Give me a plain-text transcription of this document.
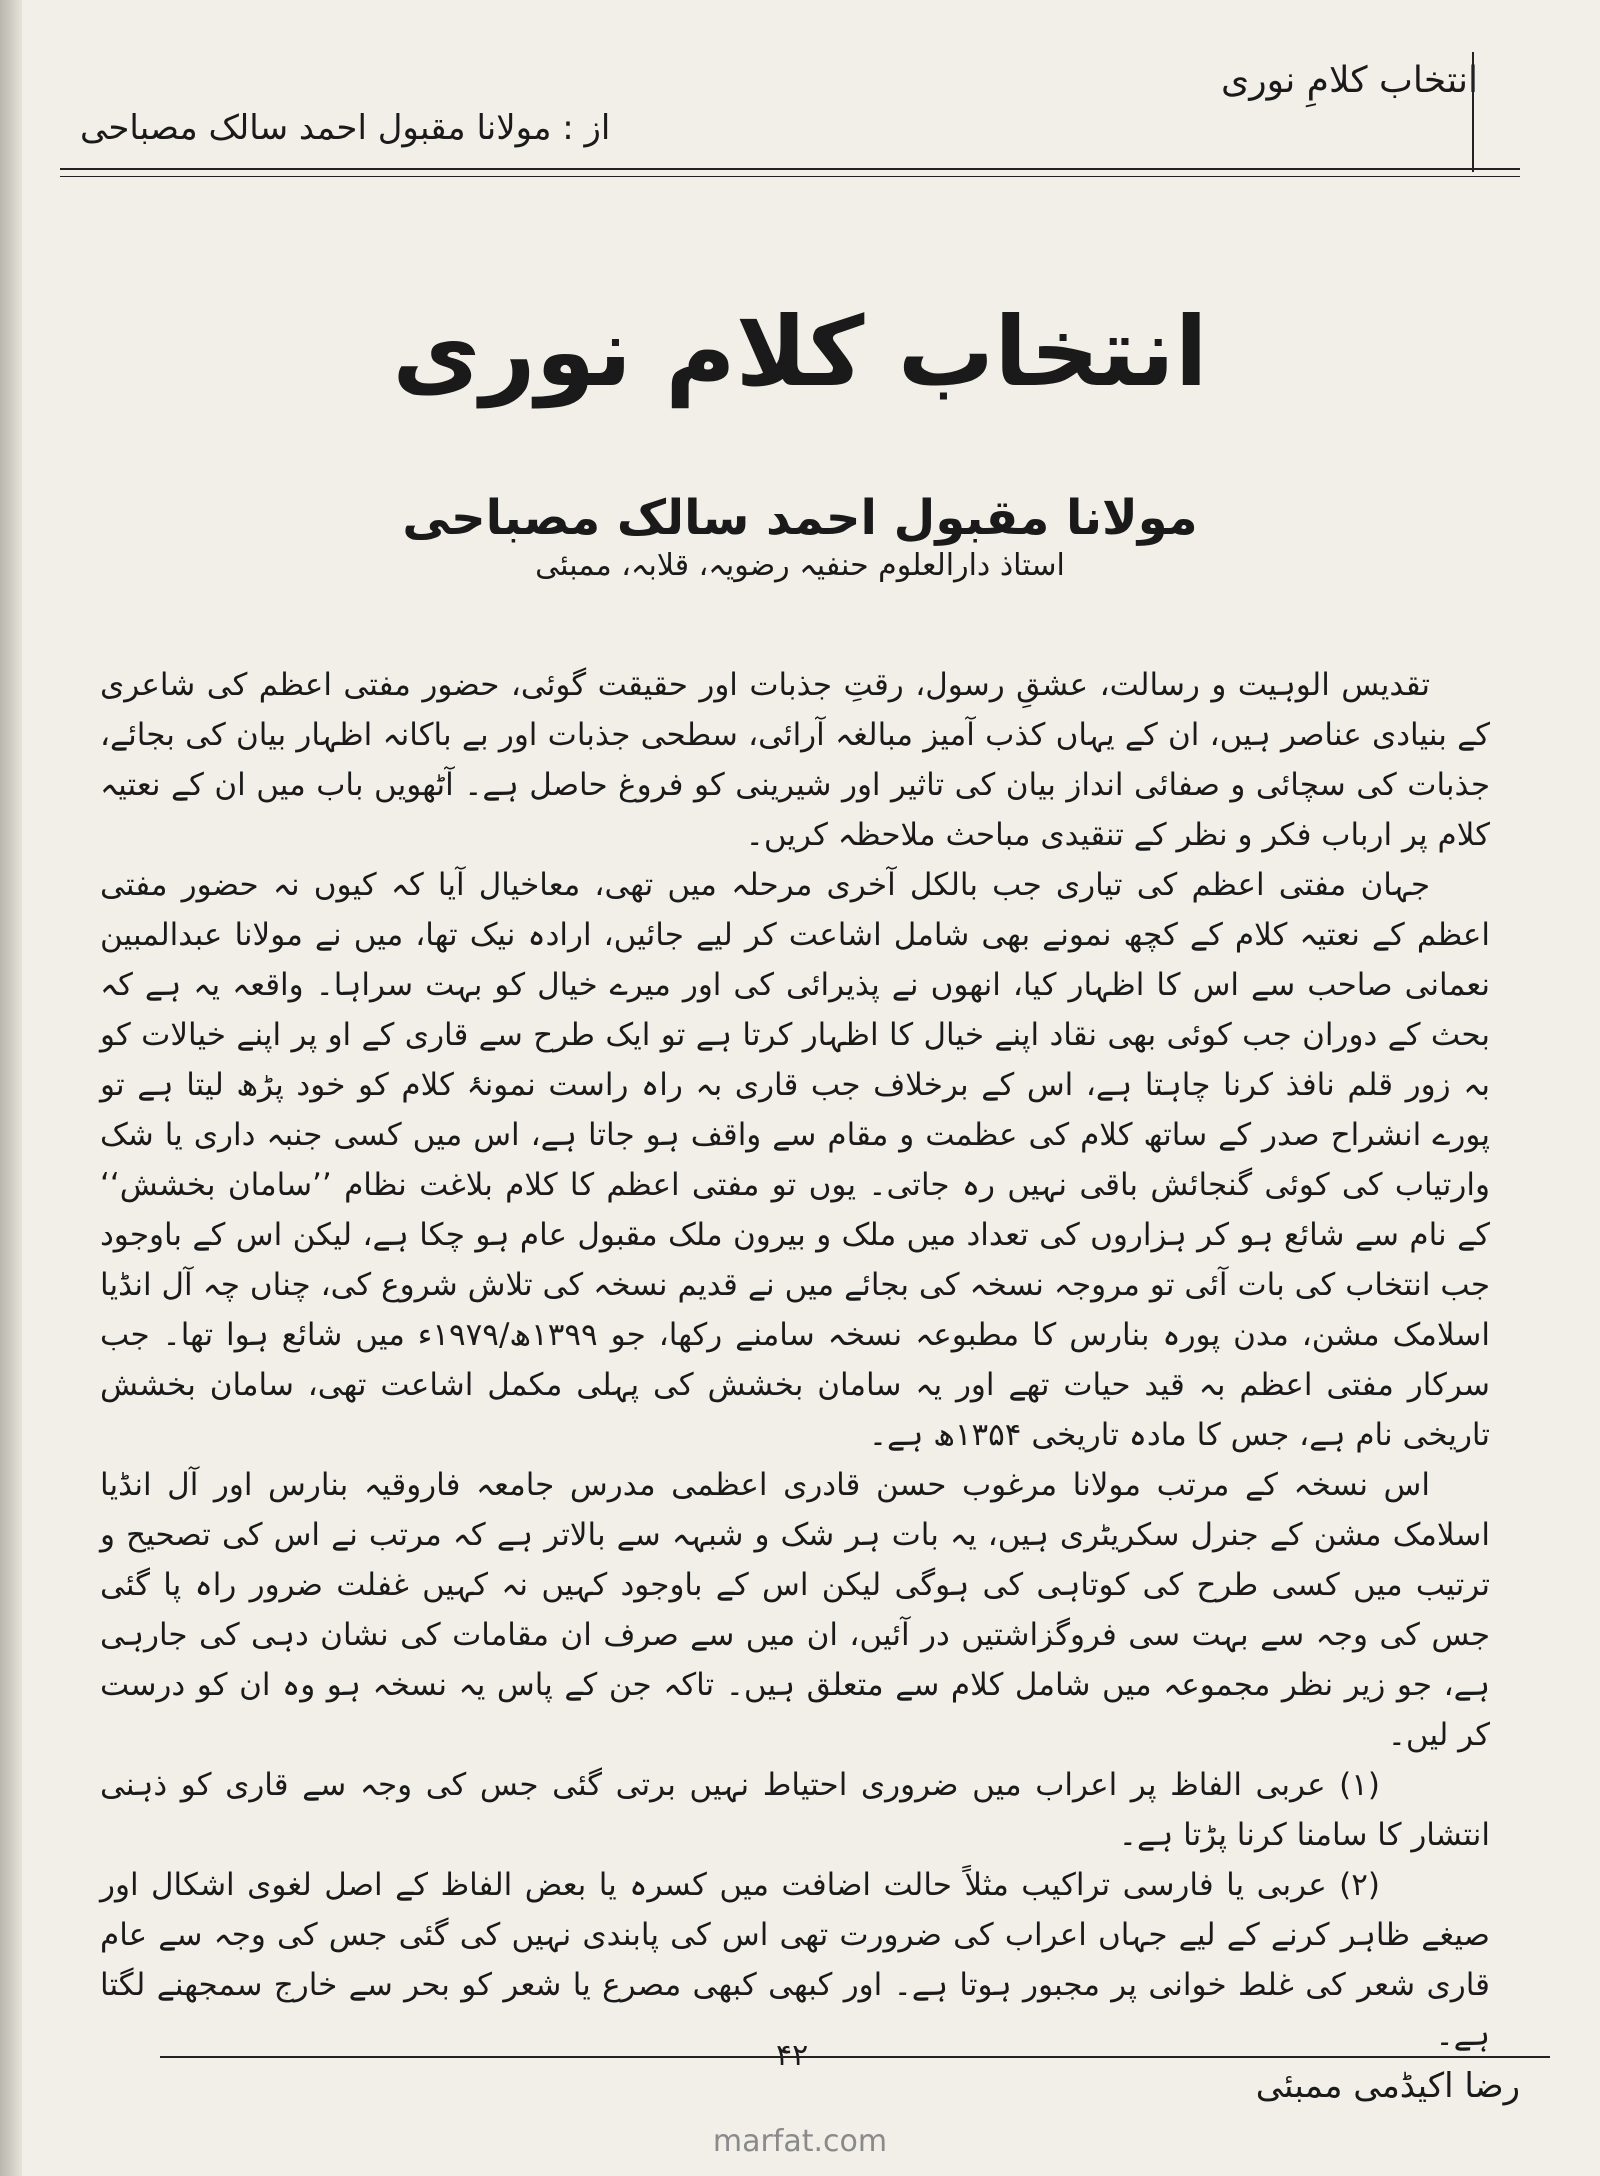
انتخاب کلامِ نوری
از : مولانا مقبول احمد سالک مصباحی
انتخاب کلام نوری
مولانا مقبول احمد سالک مصباحی
استاذ دارالعلوم حنفیہ رضویہ، قلابہ، ممبئی

تقدیس الوہیت و رسالت، عشقِ رسول، رقتِ جذبات اور حقیقت گوئی، حضور مفتی اعظم کی شاعری کے بنیادی عناصر ہیں، ان کے یہاں کذب آمیز مبالغہ آرائی، سطحی جذبات اور بے باکانہ اظہار بیان کی بجائے، جذبات کی سچائی و صفائی انداز بیان کی تاثیر اور شیرینی کو فروغ حاصل ہے۔ آٹھویں باب میں ان کے نعتیہ کلام پر ارباب فکر و نظر کے تنقیدی مباحث ملاحظہ کریں۔

جہان مفتی اعظم کی تیاری جب بالکل آخری مرحلہ میں تھی، معاخیال آیا کہ کیوں نہ حضور مفتی اعظم کے نعتیہ کلام کے کچھ نمونے بھی شامل اشاعت کر لیے جائیں، ارادہ نیک تھا، میں نے مولانا عبدالمبین نعمانی صاحب سے اس کا اظہار کیا، انھوں نے پذیرائی کی اور میرے خیال کو بہت سراہا۔ واقعہ یہ ہے کہ بحث کے دوران جب کوئی بھی نقاد اپنے خیال کا اظہار کرتا ہے تو ایک طرح سے قاری کے او پر اپنے خیالات کو بہ زور قلم نافذ کرنا چاہتا ہے، اس کے برخلاف جب قاری بہ راہ راست نمونۂ کلام کو خود پڑھ لیتا ہے تو پورے انشراح صدر کے ساتھ کلام کی عظمت و مقام سے واقف ہو جاتا ہے، اس میں کسی جنبہ داری یا شک وارتیاب کی کوئی گنجائش باقی نہیں رہ جاتی۔ یوں تو مفتی اعظم کا کلام بلاغت نظام ’’سامان بخشش‘‘ کے نام سے شائع ہو کر ہزاروں کی تعداد میں ملک و بیرون ملک مقبول عام ہو چکا ہے، لیکن اس کے باوجود جب انتخاب کی بات آئی تو مروجہ نسخہ کی بجائے میں نے قدیم نسخہ کی تلاش شروع کی، چناں چہ آل انڈیا اسلامک مشن، مدن پورہ بنارس کا مطبوعہ نسخہ سامنے رکھا، جو ۱۳۹۹ھ/۱۹۷۹ء میں شائع ہوا تھا۔ جب سرکار مفتی اعظم بہ قید حیات تھے اور یہ سامان بخشش کی پہلی مکمل اشاعت تھی، سامان بخشش تاریخی نام ہے، جس کا مادہ تاریخی ۱۳۵۴ھ ہے۔

اس نسخہ کے مرتب مولانا مرغوب حسن قادری اعظمی مدرس جامعہ فاروقیہ بنارس اور آل انڈیا اسلامک مشن کے جنرل سکریٹری ہیں، یہ بات ہر شک و شبہہ سے بالاتر ہے کہ مرتب نے اس کی تصحیح و ترتیب میں کسی طرح کی کوتاہی کی ہوگی لیکن اس کے باوجود کہیں نہ کہیں غفلت ضرور راہ پا گئی جس کی وجہ سے بہت سی فروگزاشتیں در آئیں، ان میں سے صرف ان مقامات کی نشان دہی کی جارہی ہے، جو زیر نظر مجموعہ میں شامل کلام سے متعلق ہیں۔ تاکہ جن کے پاس یہ نسخہ ہو وہ ان کو درست کر لیں۔

(۱) عربی الفاظ پر اعراب میں ضروری احتیاط نہیں برتی گئی جس کی وجہ سے قاری کو ذہنی انتشار کا سامنا کرنا پڑتا ہے۔

(۲) عربی یا فارسی تراکیب مثلاً حالت اضافت میں کسرہ یا بعض الفاظ کے اصل لغوی اشکال اور صیغے ظاہر کرنے کے لیے جہاں اعراب کی ضرورت تھی اس کی پابندی نہیں کی گئی جس کی وجہ سے عام قاری شعر کی غلط خوانی پر مجبور ہوتا ہے۔ اور کبھی کبھی مصرع یا شعر کو بحر سے خارج سمجھنے لگتا ہے۔

۴۲
رضا اکیڈمی ممبئی
marfat.com
